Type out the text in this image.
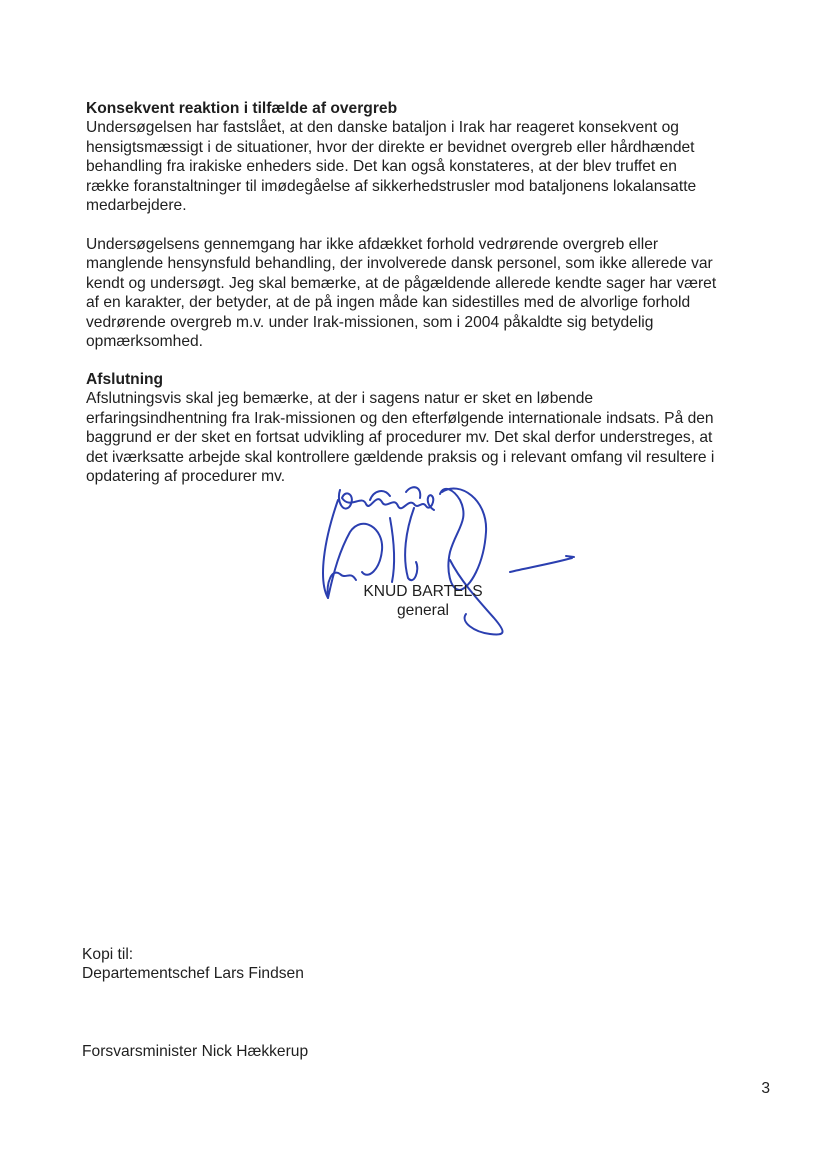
Konsekvent reaktion i tilfælde af overgreb

Undersøgelsen har fastslået, at den danske bataljon i Irak har reageret konsekvent og

hensigtsmæssigt i de situationer, hvor der direkte er bevidnet overgreb eller hårdhændet

behandling fra irakiske enheders side. Det kan også konstateres, at der blev truffet en

række foranstaltninger til imødegåelse af sikkerhedstrusler mod bataljonens lokalansatte

medarbejdere.

Undersøgelsens gennemgang har ikke afdækket forhold vedrørende overgreb eller

manglende hensynsfuld behandling, der involverede dansk personel, som ikke allerede var

kendt og undersøgt. Jeg skal bemærke, at de pågældende allerede kendte sager har været

af en karakter, der betyder, at de på ingen måde kan sidestilles med de alvorlige forhold

vedrørende overgreb m.v. under Irak-missionen, som i 2004 påkaldte sig betydelig

opmærksomhed.

Afslutning

Afslutningsvis skal jeg bemærke, at der i sagens natur er sket en løbende

erfaringsindhentning fra Irak-missionen og den efterfølgende internationale indsats. På den

baggrund er der sket en fortsat udvikling af procedurer mv. Det skal derfor understreges, at

det iværksatte arbejde skal kontrollere gældende praksis og i relevant omfang vil resultere i

opdatering af procedurer mv.

KNUD BARTELS
general
Kopi til:
Departementschef Lars Findsen
Forsvarsminister Nick Hækkerup
3
